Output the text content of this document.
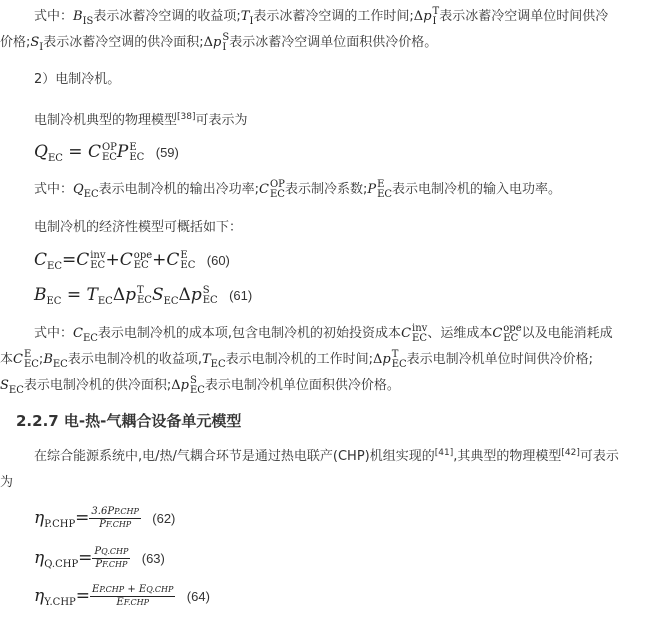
式中：$B_{IS}$表示冰蓄冷空调的收益项$;T_I$表示冰蓄冷空调的工作时间;Δp T
I 表示冰蓄冷空调单位时间供冷
价格$;S_I$表示冰蓄冷空调的供冷面积;Δp S
I 表示冰蓄冷空调单位面积供冷价格。
2）电制冷机。
电制冷机典型的物理模型[38]可表示为
$Q_{EC} = C$ OP
EC P E
EC (59)
式中：$Q_{EC}$表示电制冷机的输出冷功率;C OP
EC 表示制冷系数;P E
EC 表示电制冷机的输入电功率。
电制冷机的经济性模型可概括如下：
$C_{EC}=C$ inv
EC +C ope
EC +C E
EC (60)
$B_{EC} = T_{EC}\Delta p$ T
EC $S_{EC}\Delta p$ S
EC (61)
式中：$C_{EC}$表示电制冷机的成本项,包含电制冷机的初始投资成本C inv
EC 、运维成本C ope
EC 以及电能消耗成
本C E
EC $;B_{EC}$表示电制冷机的收益项$,T_{EC}$表示电制冷机的工作时间;Δp T
EC 表示电制冷机单位时间供冷价格;
$S_{EC}$表示电制冷机的供冷面积;Δp S
EC 表示电制冷机单位面积供冷价格。
2.2.7 电-热-气耦合设备单元模型
在综合能源系统中,电/热/气耦合环节是通过热电联产(CHP)机组实现的[41],其典型的物理模型[42]可表示
为
$\eta_{P.CHP}= \frac{\text{3.6PP.CHP}}{\text{PF.CHP}} (62)$
$\eta_{Q.CHP}= \frac{\text{PQ.CHP}}{\text{PF.CHP}} (63)$
$\eta_{Y.CHP}= \frac{\text{EP.CHP + EQ.CHP}}{\text{EF.CHP}} (64)$
